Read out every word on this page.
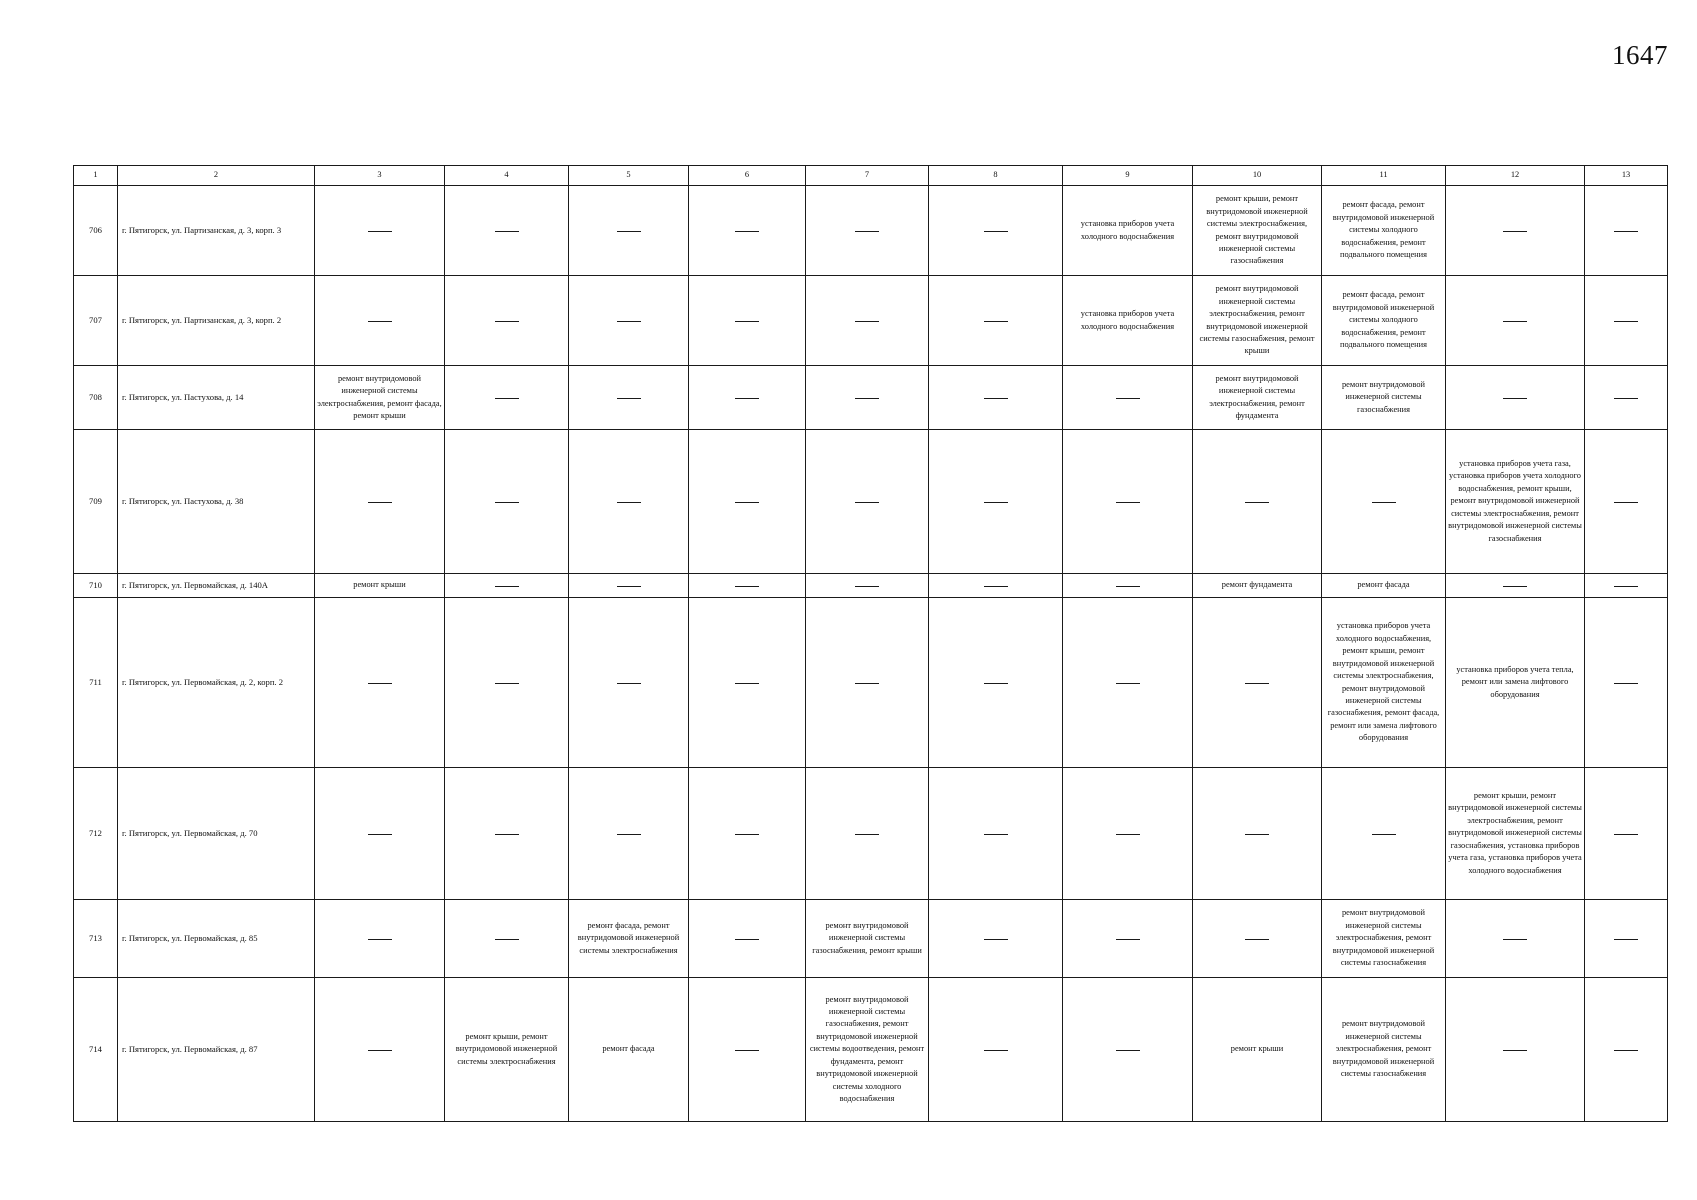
1647
1	2	3	4	5	6	7	8	9	10	11	12	13
706	г. Пятигорск, ул. Партизанская, д. 3, корп. 3							установка приборов учета холодного водоснабжения	ремонт крыши, ремонт внутридомовой инженерной системы электроснабжения, ремонт внутридомовой инженерной системы газоснабжения	ремонт фасада, ремонт внутридомовой инженерной системы холодного водоснабжения, ремонт подвального помещения		
707	г. Пятигорск, ул. Партизанская, д. 3, корп. 2							установка приборов учета холодного водоснабжения	ремонт внутридомовой инженерной системы электроснабжения, ремонт внутридомовой инженерной системы газоснабжения, ремонт крыши	ремонт фасада, ремонт внутридомовой инженерной системы холодного водоснабжения, ремонт подвального помещения		
708	г. Пятигорск, ул. Пастухова, д. 14	ремонт внутридомовой инженерной системы электроснабжения, ремонт фасада, ремонт крыши							ремонт внутридомовой инженерной системы электроснабжения, ремонт фундамента	ремонт внутридомовой инженерной системы газоснабжения		
709	г. Пятигорск, ул. Пастухова, д. 38										установка приборов учета газа, установка приборов учета холодного водоснабжения, ремонт крыши, ремонт внутридомовой инженерной системы электроснабжения, ремонт внутридомовой инженерной системы газоснабжения	
710	г. Пятигорск, ул. Первомайская, д. 140А	ремонт крыши							ремонт фундамента	ремонт фасада		
711	г. Пятигорск, ул. Первомайская, д. 2, корп. 2									установка приборов учета холодного водоснабжения, ремонт крыши, ремонт внутридомовой инженерной системы электроснабжения, ремонт внутридомовой инженерной системы газоснабжения, ремонт фасада, ремонт или замена лифтового оборудования	установка приборов учета тепла, ремонт или замена лифтового оборудования	
712	г. Пятигорск, ул. Первомайская, д. 70										ремонт крыши, ремонт внутридомовой инженерной системы электроснабжения, ремонт внутридомовой инженерной системы газоснабжения, установка приборов учета газа, установка приборов учета холодного водоснабжения	
713	г. Пятигорск, ул. Первомайская, д. 85			ремонт фасада, ремонт внутридомовой инженерной системы электроснабжения		ремонт внутридомовой инженерной системы газоснабжения, ремонт крыши				ремонт внутридомовой инженерной системы электроснабжения, ремонт внутридомовой инженерной системы газоснабжения		
714	г. Пятигорск, ул. Первомайская, д. 87		ремонт крыши, ремонт внутридомовой инженерной системы электроснабжения	ремонт фасада		ремонт внутридомовой инженерной системы газоснабжения, ремонт внутридомовой инженерной системы водоотведения, ремонт фундамента, ремонт внутридомовой инженерной системы холодного водоснабжения			ремонт крыши	ремонт внутридомовой инженерной системы электроснабжения, ремонт внутридомовой инженерной системы газоснабжения		
